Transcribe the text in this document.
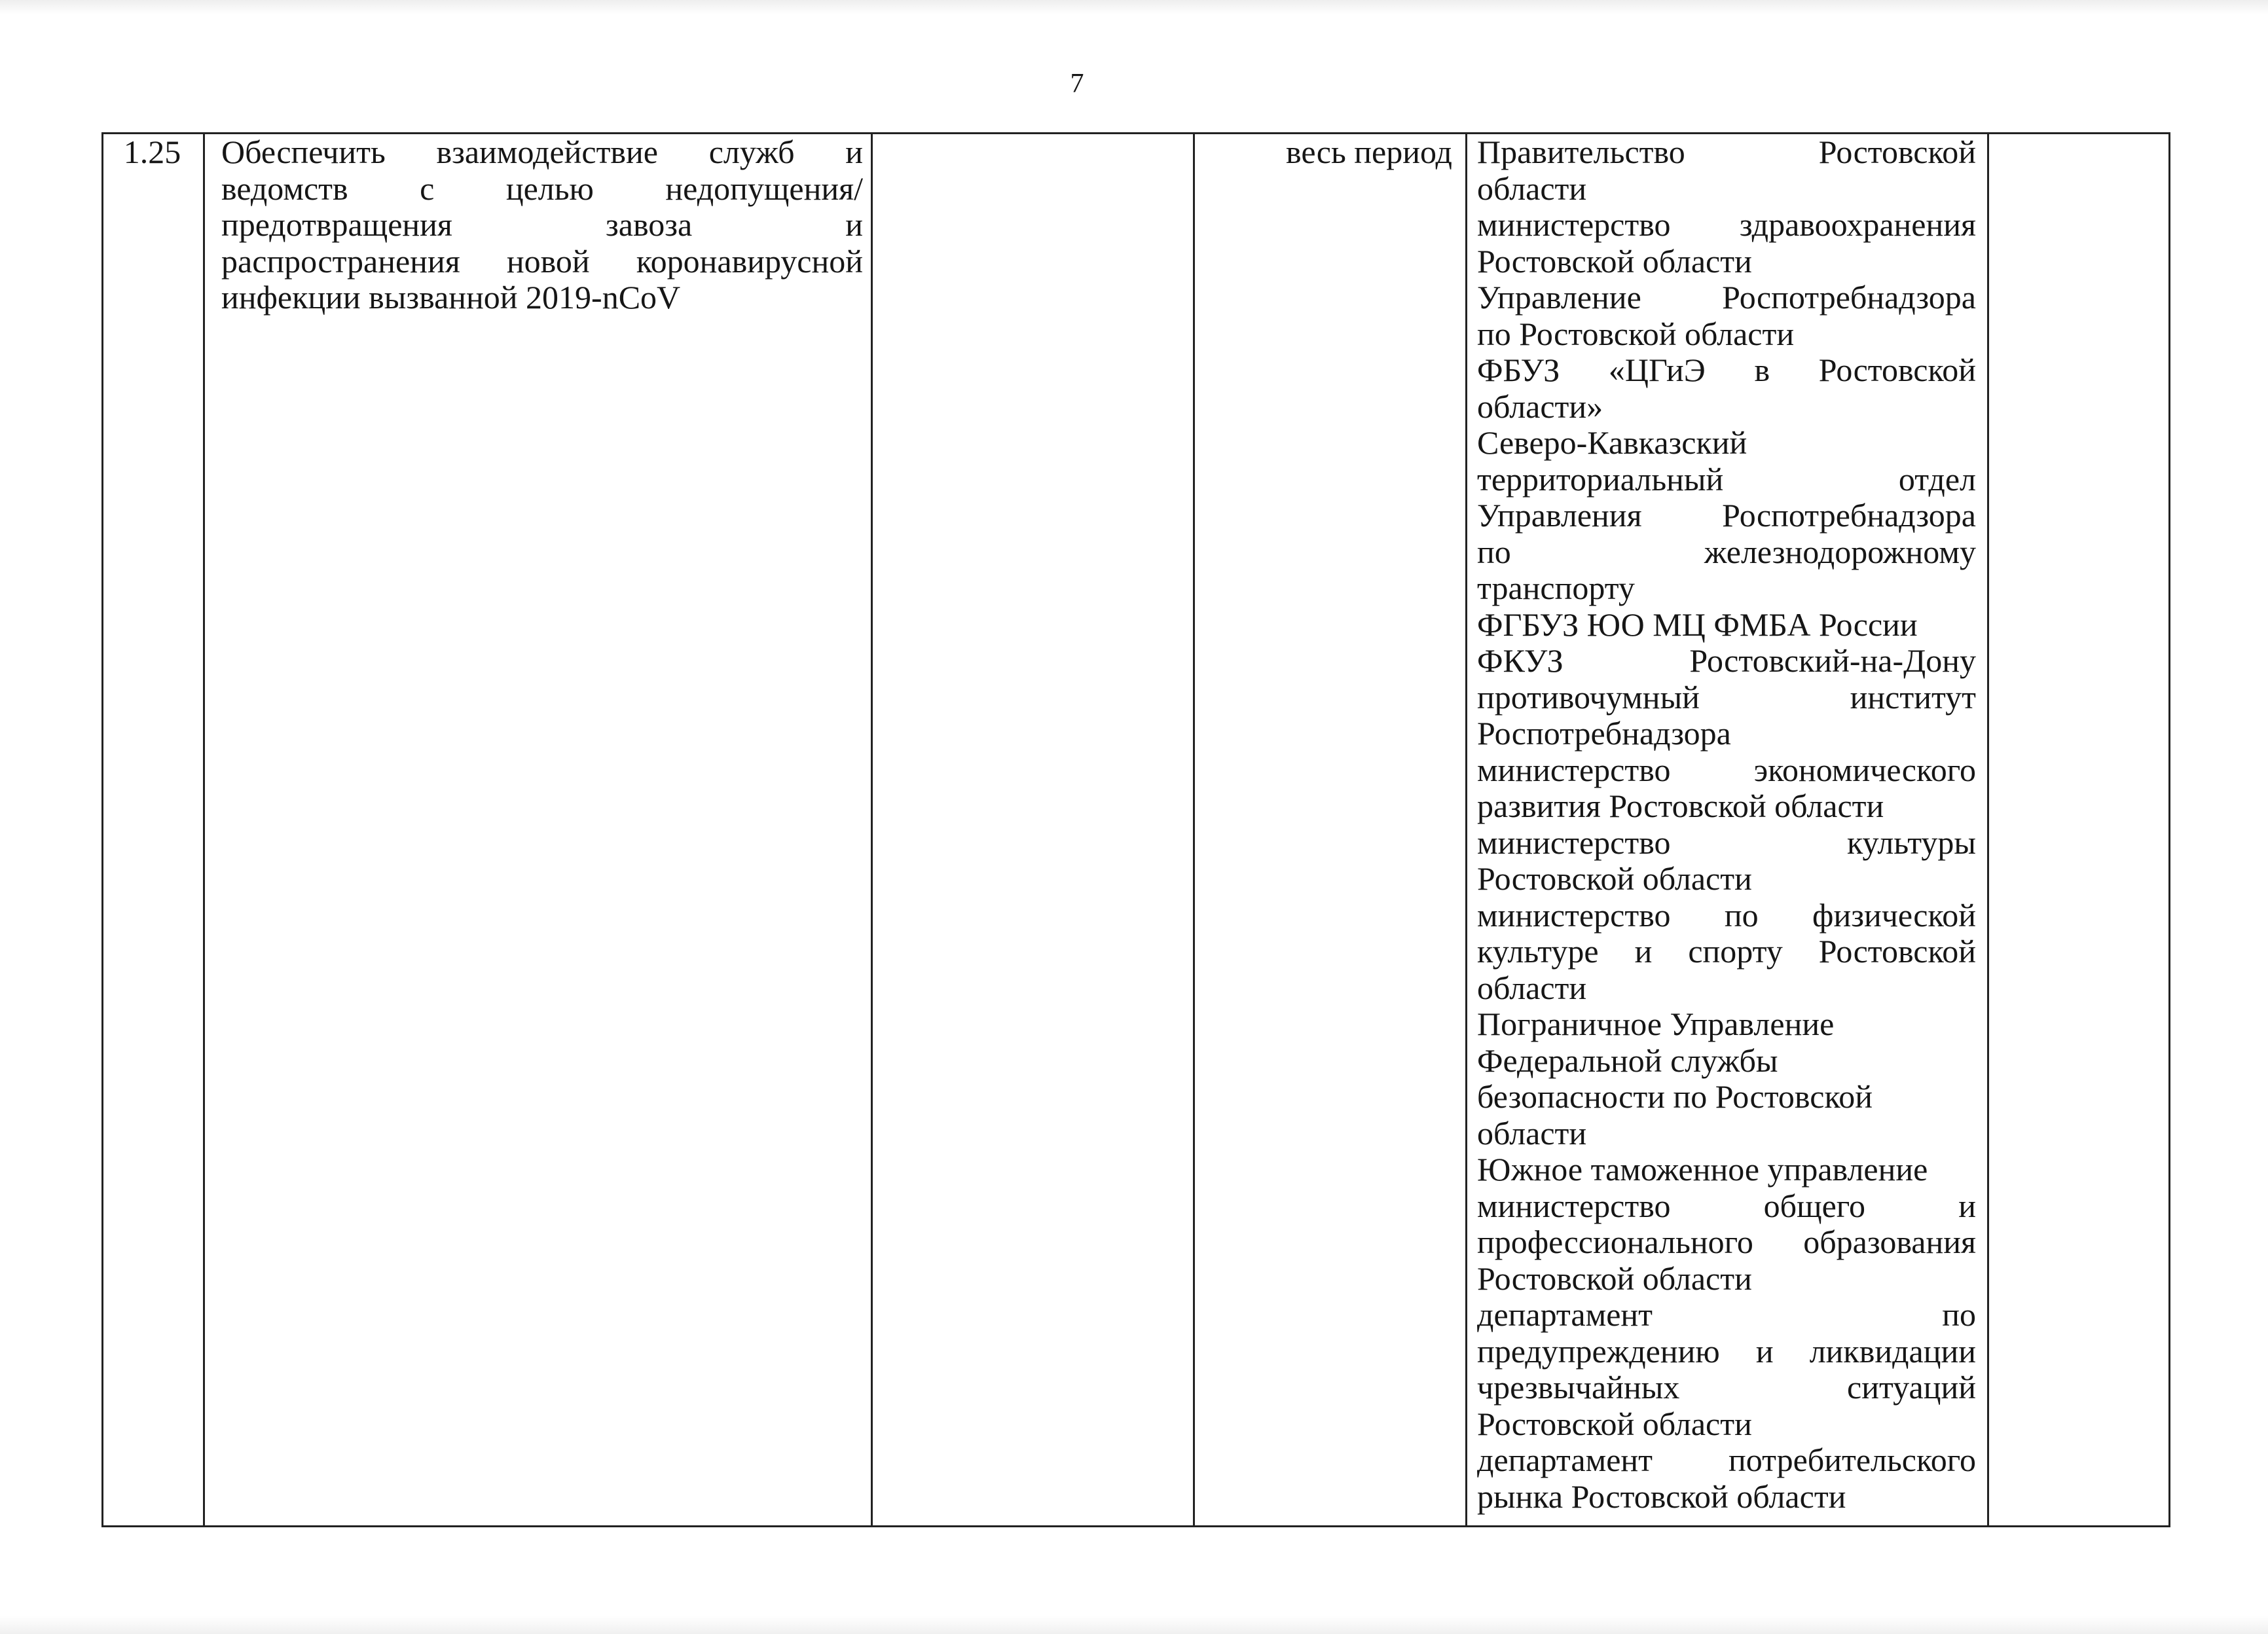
7
1.25	Обеспечить взаимодействие служб и
ведомств с целью недопущения/
предотвращения завоза и
распространения новой коронавирусной
инфекции вызванной 2019-nCoV
весь период Правительство Ростовской
области
министерство здравоохранения
Ростовской области
Управление Роспотребнадзора
по Ростовской области
ФБУЗ «ЦГиЭ в Ростовской
области»
Северо-Кавказский
территориальный отдел
Управления Роспотребнадзора
по железнодорожному
транспорту
ФГБУЗ ЮО МЦ ФМБА России
ФКУЗ Ростовский-на-Дону
противочумный институт
Роспотребнадзора
министерство экономического
развития Ростовской области
министерство культуры
Ростовской области
министерство по физической
культуре и спорту Ростовской
области
Пограничное Управление
Федеральной службы
безопасности по Ростовской
области
Южное таможенное управление
министерство общего и
профессионального образования
Ростовской области
департамент по
предупреждению и ликвидации
чрезвычайных ситуаций
Ростовской области
департамент потребительского
рынка Ростовской области
